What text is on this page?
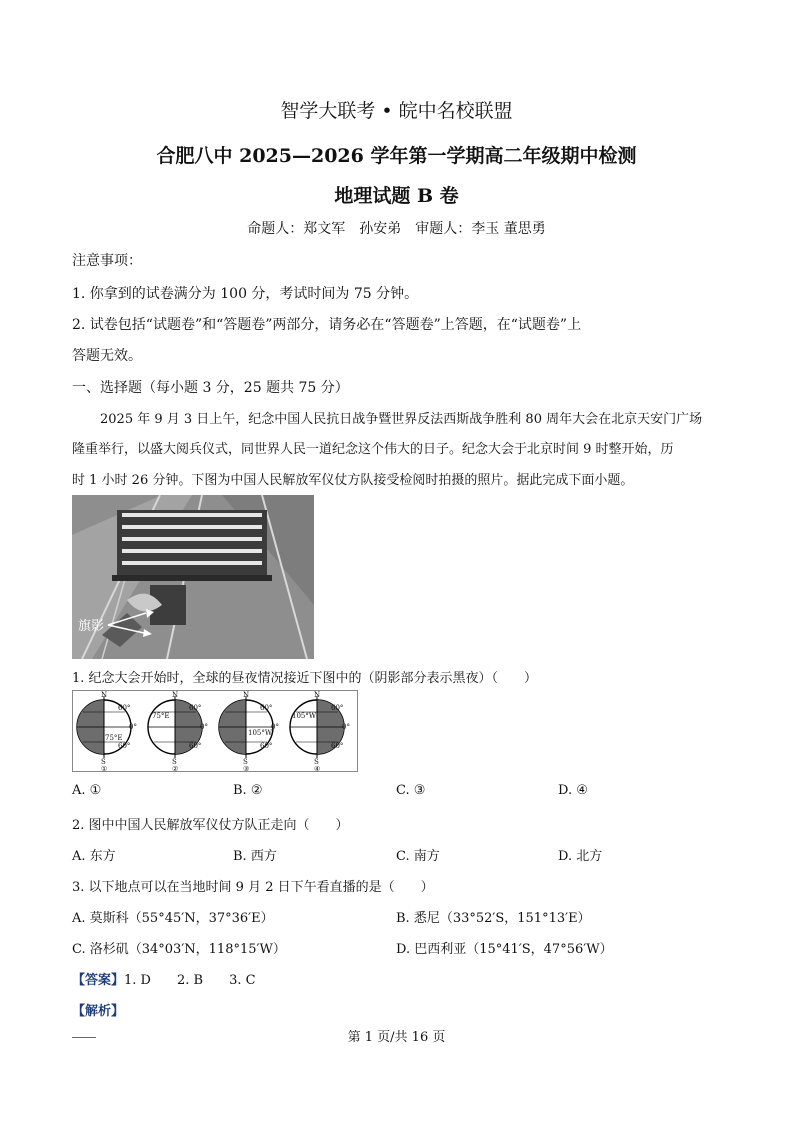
智学大联考 • 皖中名校联盟
合肥八中 2025—2026 学年第一学期高二年级期中检测
地理试题 B 卷
命题人：郑文军　孙安弟　审题人：李玉 董思勇
注意事项：
1. 你拿到的试卷满分为 100 分，考试时间为 75 分钟。
2. 试卷包括“试题卷”和“答题卷”两部分，请务必在“答题卷”上答题，在“试题卷”上
答题无效。
一、选择题（每小题 3 分，25 题共 75 分）
2025 年 9 月 3 日上午，纪念中国人民抗日战争暨世界反法西斯战争胜利 80 周年大会在北京天安门广场
隆重举行，以盛大阅兵仪式，同世界人民一道纪念这个伟大的日子。纪念大会于北京时间 9 时整开始，历
时 1 小时 26 分钟。下图为中国人民解放军仪仗方队接受检阅时拍摄的照片。据此完成下面小题。
旗影
1. 纪念大会开始时，全球的昼夜情况接近下图中的（阴影部分表示黑夜）（　　）
N
S
60°
0°
60°
75°E
①
N
S
60°
0°
60°
75°E
②
N
S
60°
0°
60°
105°W
③
N
S
60°
0°
60°
105°W
④
A. ①	B. ②	C. ③	D. ④
2. 图中中国人民解放军仪仗方队正走向（　　）
A. 东方	B. 西方	C. 南方	D. 北方
3. 以下地点可以在当地时间 9 月 2 日下午看直播的是（　　）
A. 莫斯科（55°45′N，37°36′E）	B. 悉尼（33°52′S，151°13′E）
C. 洛杉矶（34°03′N，118°15′W）	D. 巴西利亚（15°41′S，47°56′W）
【答案】1. D　　2. B　　3. C
【解析】
第 1 页/共 16 页
